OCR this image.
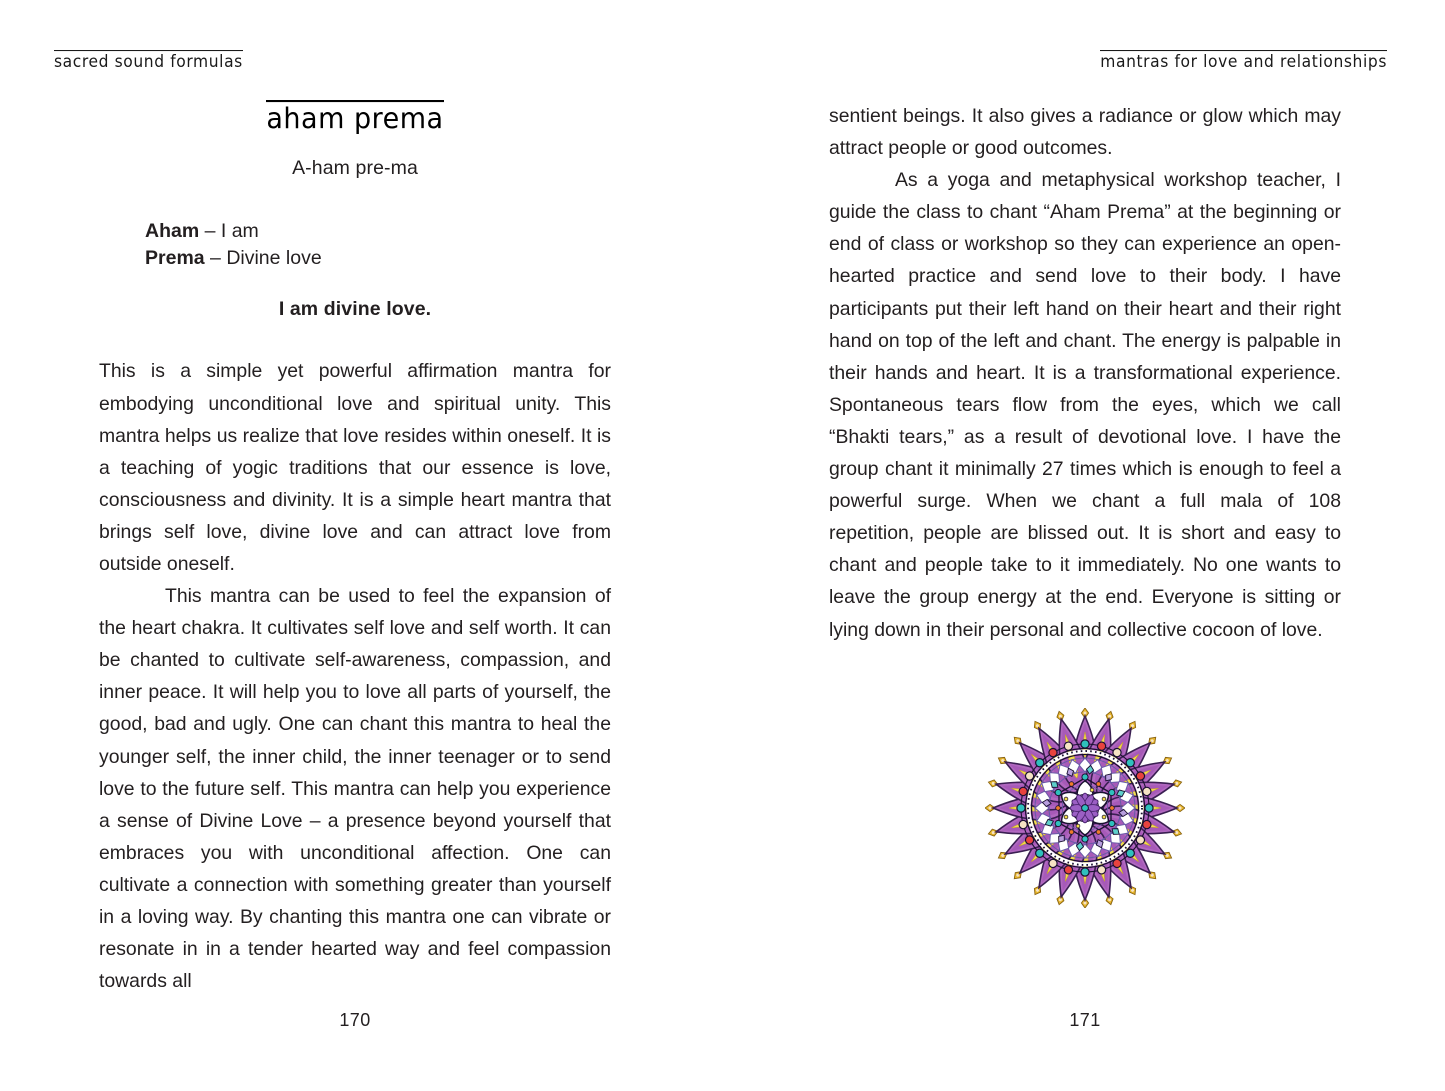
sacred sound formulas	mantras for love and relationships
aham prema
A-ham pre-ma
Aham – I am
Prema – Divine love
I am divine love.

This is a simple yet powerful affirmation mantra for embodying unconditional love and spiritual unity. This mantra helps us realize that love resides within oneself. It is a teaching of yogic traditions that our essence is love, consciousness and divinity. It is a simple heart mantra that brings self love, divine love and can attract love from outside oneself.

This mantra can be used to feel the expansion of the heart chakra. It cultivates self love and self worth. It can be chanted to cultivate self-awareness, compassion, and inner peace. It will help you to love all parts of yourself, the good, bad and ugly. One can chant this mantra to heal the younger self, the inner child, the inner teenager or to send love to the future self. This mantra can help you experience a sense of Divine Love – a presence beyond yourself that embraces you with unconditional affection. One can cultivate a connection with something greater than yourself in a loving way. By chanting this mantra one can vibrate or resonate in in a tender hearted way and feel compassion towards all

sentient beings. It also gives a radiance or glow which may attract people or good outcomes.

As a yoga and metaphysical workshop teacher, I guide the class to chant “Aham Prema” at the beginning or end of class or workshop so they can experience an open- hearted practice and send love to their body. I have participants put their left hand on their heart and their right hand on top of the left and chant. The energy is palpable in their hands and heart. It is a transformational experience. Spontaneous tears flow from the eyes, which we call “Bhakti tears,” as a result of devotional love. I have the group chant it minimally 27 times which is enough to feel a powerful surge. When we chant a full mala of 108 repetition, people are blissed out. It is short and easy to chant and people take to it immediately. No one wants to leave the group energy at the end. Everyone is sitting or lying down in their personal and collective cocoon of love.

170	171
